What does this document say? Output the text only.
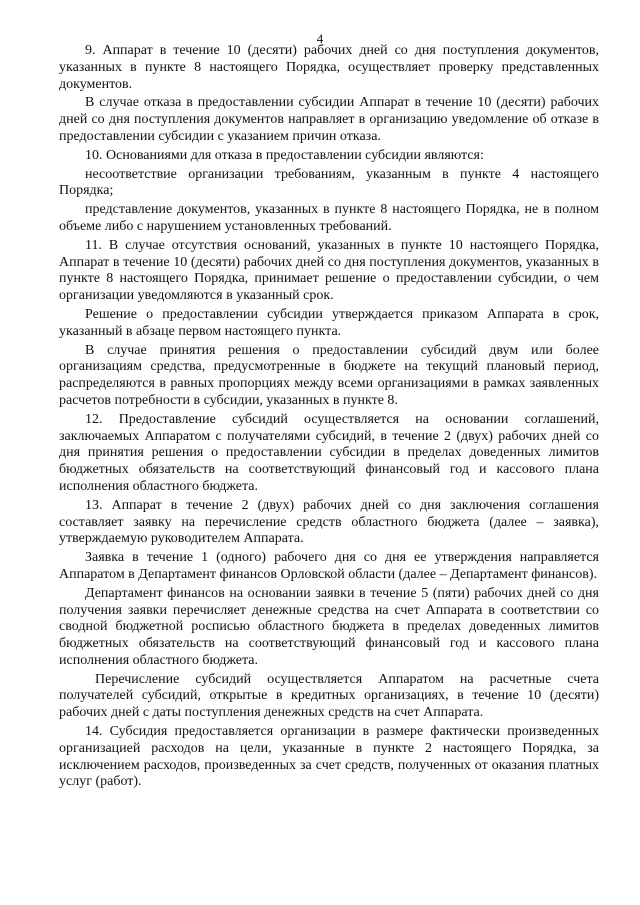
4

9. Аппарат в течение 10 (десяти) рабочих дней со дня поступления документов, указанных в пункте 8 настоящего Порядка, осуществляет проверку представленных документов.

В случае отказа в предоставлении субсидии Аппарат в течение 10 (десяти) рабочих дней со дня поступления документов направляет в организацию уведомление об отказе в предоставлении субсидии с указанием причин отказа.

10. Основаниями для отказа в предоставлении субсидии являются:

несоответствие организации требованиям, указанным в пункте 4 настоящего Порядка;

представление документов, указанных в пункте 8 настоящего Порядка, не в полном объеме либо с нарушением установленных требований.

11. В случае отсутствия оснований, указанных в пункте 10 настоящего Порядка, Аппарат в течение 10 (десяти) рабочих дней со дня поступления документов, указанных в пункте 8 настоящего Порядка, принимает решение о предоставлении субсидии, о чем организации уведомляются в указанный срок.

Решение о предоставлении субсидии утверждается приказом Аппарата в срок, указанный в абзаце первом настоящего пункта.

В случае принятия решения о предоставлении субсидий двум или более организациям средства, предусмотренные в бюджете на текущий плановый период, распределяются в равных пропорциях между всеми организациями в рамках заявленных расчетов потребности в субсидии, указанных в пункте 8.

12. Предоставление субсидий осуществляется на основании соглашений, заключаемых Аппаратом с получателями субсидий, в течение 2 (двух) рабочих дней со дня принятия решения о предоставлении субсидии в пределах доведенных лимитов бюджетных обязательств на соответствующий финансовый год и кассового плана исполнения областного бюджета.

13. Аппарат в течение 2 (двух) рабочих дней со дня заключения соглашения составляет заявку на перечисление средств областного бюджета (далее – заявка), утверждаемую руководителем Аппарата.

Заявка в течение 1 (одного) рабочего дня со дня ее утверждения направляется Аппаратом в Департамент финансов Орловской области (далее – Департамент финансов).

Департамент финансов на основании заявки в течение 5 (пяти) рабочих дней со дня получения заявки перечисляет денежные средства на счет Аппарата в соответствии со сводной бюджетной росписью областного бюджета в пределах доведенных лимитов бюджетных обязательств на соответствующий финансовый год и кассового плана исполнения областного бюджета.

Перечисление субсидий осуществляется Аппаратом на расчетные счета получателей субсидий, открытые в кредитных организациях, в течение 10 (десяти) рабочих дней с даты поступления денежных средств на счет Аппарата.

14. Субсидия предоставляется организации в размере фактически произведенных организацией расходов на цели, указанные в пункте 2 настоящего Порядка, за исключением расходов, произведенных за счет средств, полученных от оказания платных услуг (работ).
